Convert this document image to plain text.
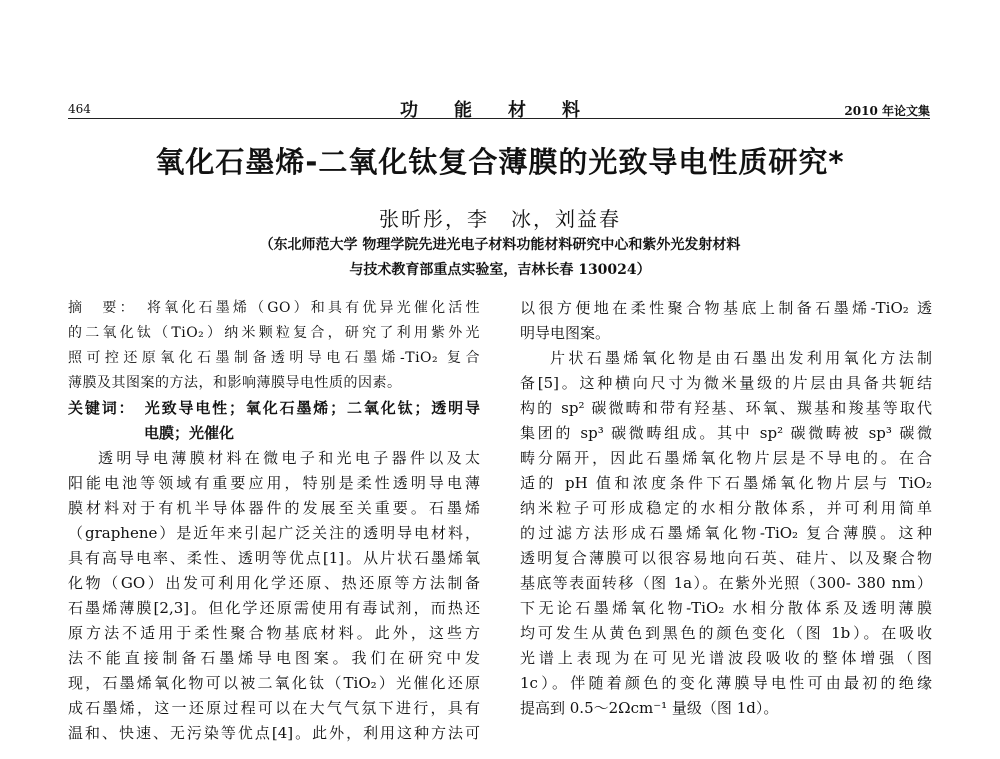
464	功能材料	2010 年论文集
氧化石墨烯-二氧化钛复合薄膜的光致导电性质研究*
张昕彤，李　冰，刘益春
（东北师范大学 物理学院先进光电子材料功能材料研究中心和紫外光发射材料
与技术教育部重点实验室，吉林长春 130024）
摘　要：　将氧化石墨烯（GO）和具有优异光催化活性
的二氧化钛（TiO₂）纳米颗粒复合，研究了利用紫外光
照可控还原氧化石墨制备透明导电石墨烯-TiO₂ 复合
薄膜及其图案的方法，和影响薄膜导电性质的因素。
关键词：　光致导电性；氧化石墨烯；二氧化钛；透明导
电膜；光催化
透明导电薄膜材料在微电子和光电子器件以及太
阳能电池等领域有重要应用，特别是柔性透明导电薄
膜材料对于有机半导体器件的发展至关重要。石墨烯
（graphene）是近年来引起广泛关注的透明导电材料，
具有高导电率、柔性、透明等优点[1]。从片状石墨烯氧
化物（GO）出发可利用化学还原、热还原等方法制备
石墨烯薄膜[2,3]。但化学还原需使用有毒试剂，而热还
原方法不适用于柔性聚合物基底材料。此外，这些方
法不能直接制备石墨烯导电图案。我们在研究中发
现，石墨烯氧化物可以被二氧化钛（TiO₂）光催化还原
成石墨烯，这一还原过程可以在大气气氛下进行，具有
温和、快速、无污染等优点[4]。此外，利用这种方法可
以很方便地在柔性聚合物基底上制备石墨烯-TiO₂ 透
明导电图案。
片状石墨烯氧化物是由石墨出发利用氧化方法制
备[5]。这种横向尺寸为微米量级的片层由具备共轭结
构的 sp² 碳微畴和带有羟基、环氧、羰基和羧基等取代
集团的 sp³ 碳微畴组成。其中 sp² 碳微畴被 sp³ 碳微
畴分隔开，因此石墨烯氧化物片层是不导电的。在合
适的 pH 值和浓度条件下石墨烯氧化物片层与 TiO₂
纳米粒子可形成稳定的水相分散体系，并可利用简单
的过滤方法形成石墨烯氧化物-TiO₂ 复合薄膜。这种
透明复合薄膜可以很容易地向石英、硅片、以及聚合物
基底等表面转移（图 1a）。在紫外光照（300- 380 nm）
下无论石墨烯氧化物-TiO₂ 水相分散体系及透明薄膜
均可发生从黄色到黑色的颜色变化（图 1b）。在吸收
光谱上表现为在可见光谱波段吸收的整体增强（图
1c）。伴随着颜色的变化薄膜导电性可由最初的绝缘
提高到 0.5～2Ωcm⁻¹ 量级（图 1d）。
